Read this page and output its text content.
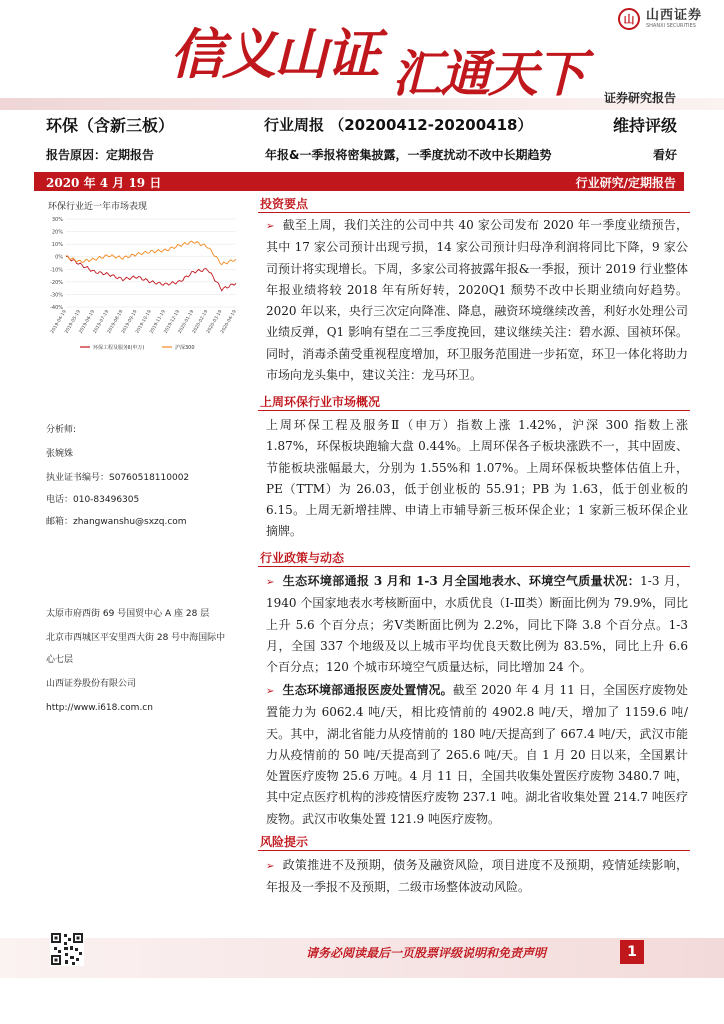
信义山证 汇通天下
山 山西证券
SHANXI SECURITIES
证券研究报告
环保（含新三板）	行业周报 （20200412-20200418）	维持评级
报告原因：定期报告	年报&一季报将密集披露，一季度扰动不改中长期趋势	看好
2020 年 4 月 19 日	行业研究/定期报告
环保行业近一年市场表现
30%
20%
10%
0%
-10%
-20%
-30%
-40%
2019-04-19
2019-05-19
2019-06-19
2019-07-19
2019-08-19
2019-09-19
2019-10-19
2019-11-19
2019-12-19
2020-01-19
2020-02-19
2020-03-19
2020-04-19
环保工程及服务Ⅱ(申万)	沪深300
分析师:
张婉姝
执业证书编号：S0760518110002
电话：010-83496305
邮箱：zhangwanshu@sxzq.com
太原市府西街 69 号国贸中心 A 座 28 层
北京市西城区平安里西大街 28 号中海国际中
心七层
山西证券股份有限公司
http://www.i618.com.cn
投资要点
➢ 截至上周，我们关注的公司中共 40 家公司发布 2020 年一季度业绩预告，其中 17 家公司预计出现亏损，14 家公司预计归母净利润将同比下降，9 家公司预计将实现增长。下周，多家公司将披露年报&一季报，预计 2019 行业整体年报业绩将较 2018 年有所好转，2020Q1 颓势不改中长期业绩向好趋势。2020 年以来，央行三次定向降准、降息，融资环境继续改善，利好水处理公司业绩反弹，Q1 影响有望在二三季度挽回，建议继续关注：碧水源、国祯环保。同时，消毒杀菌受重视程度增加，环卫服务范围进一步拓宽，环卫一体化将助力市场向龙头集中，建议关注：龙马环卫。
上周环保行业市场概况
上周环保工程及服务Ⅱ（申万）指数上涨 1.42%，沪深 300 指数上涨 1.87%，环保板块跑输大盘 0.44%。上周环保各子板块涨跌不一，其中固废、节能板块涨幅最大，分别为 1.55%和 1.07%。上周环保板块整体估值上升，PE（TTM）为 26.03，低于创业板的 55.91；PB 为 1.63，低于创业板的 6.15。上周无新增挂牌、申请上市辅导新三板环保企业；1 家新三板环保企业摘牌。
行业政策与动态
➢ 生态环境部通报 3 月和 1-3 月全国地表水、环境空气质量状况：1-3 月，1940 个国家地表水考核断面中，水质优良（Ⅰ-Ⅲ类）断面比例为 79.9%，同比上升 5.6 个百分点；劣Ⅴ类断面比例为 2.2%，同比下降 3.8 个百分点。1-3 月，全国 337 个地级及以上城市平均优良天数比例为 83.5%，同比上升 6.6 个百分点；120 个城市环境空气质量达标，同比增加 24 个。
➢ 生态环境部通报医废处置情况。截至 2020 年 4 月 11 日，全国医疗废物处置能力为 6062.4 吨/天，相比疫情前的 4902.8 吨/天，增加了 1159.6 吨/天。其中，湖北省能力从疫情前的 180 吨/天提高到了 667.4 吨/天，武汉市能力从疫情前的 50 吨/天提高到了 265.6 吨/天。自 1 月 20 日以来，全国累计处置医疗废物 25.6 万吨。4 月 11 日，全国共收集处置医疗废物 3480.7 吨，其中定点医疗机构的涉疫情医疗废物 237.1 吨。湖北省收集处置 214.7 吨医疗废物。武汉市收集处置 121.9 吨医疗废物。
风险提示
➢ 政策推进不及预期，债务及融资风险，项目进度不及预期，疫情延续影响，年报及一季报不及预期，二级市场整体波动风险。
请务必阅读最后一页股票评级说明和免责声明	1
